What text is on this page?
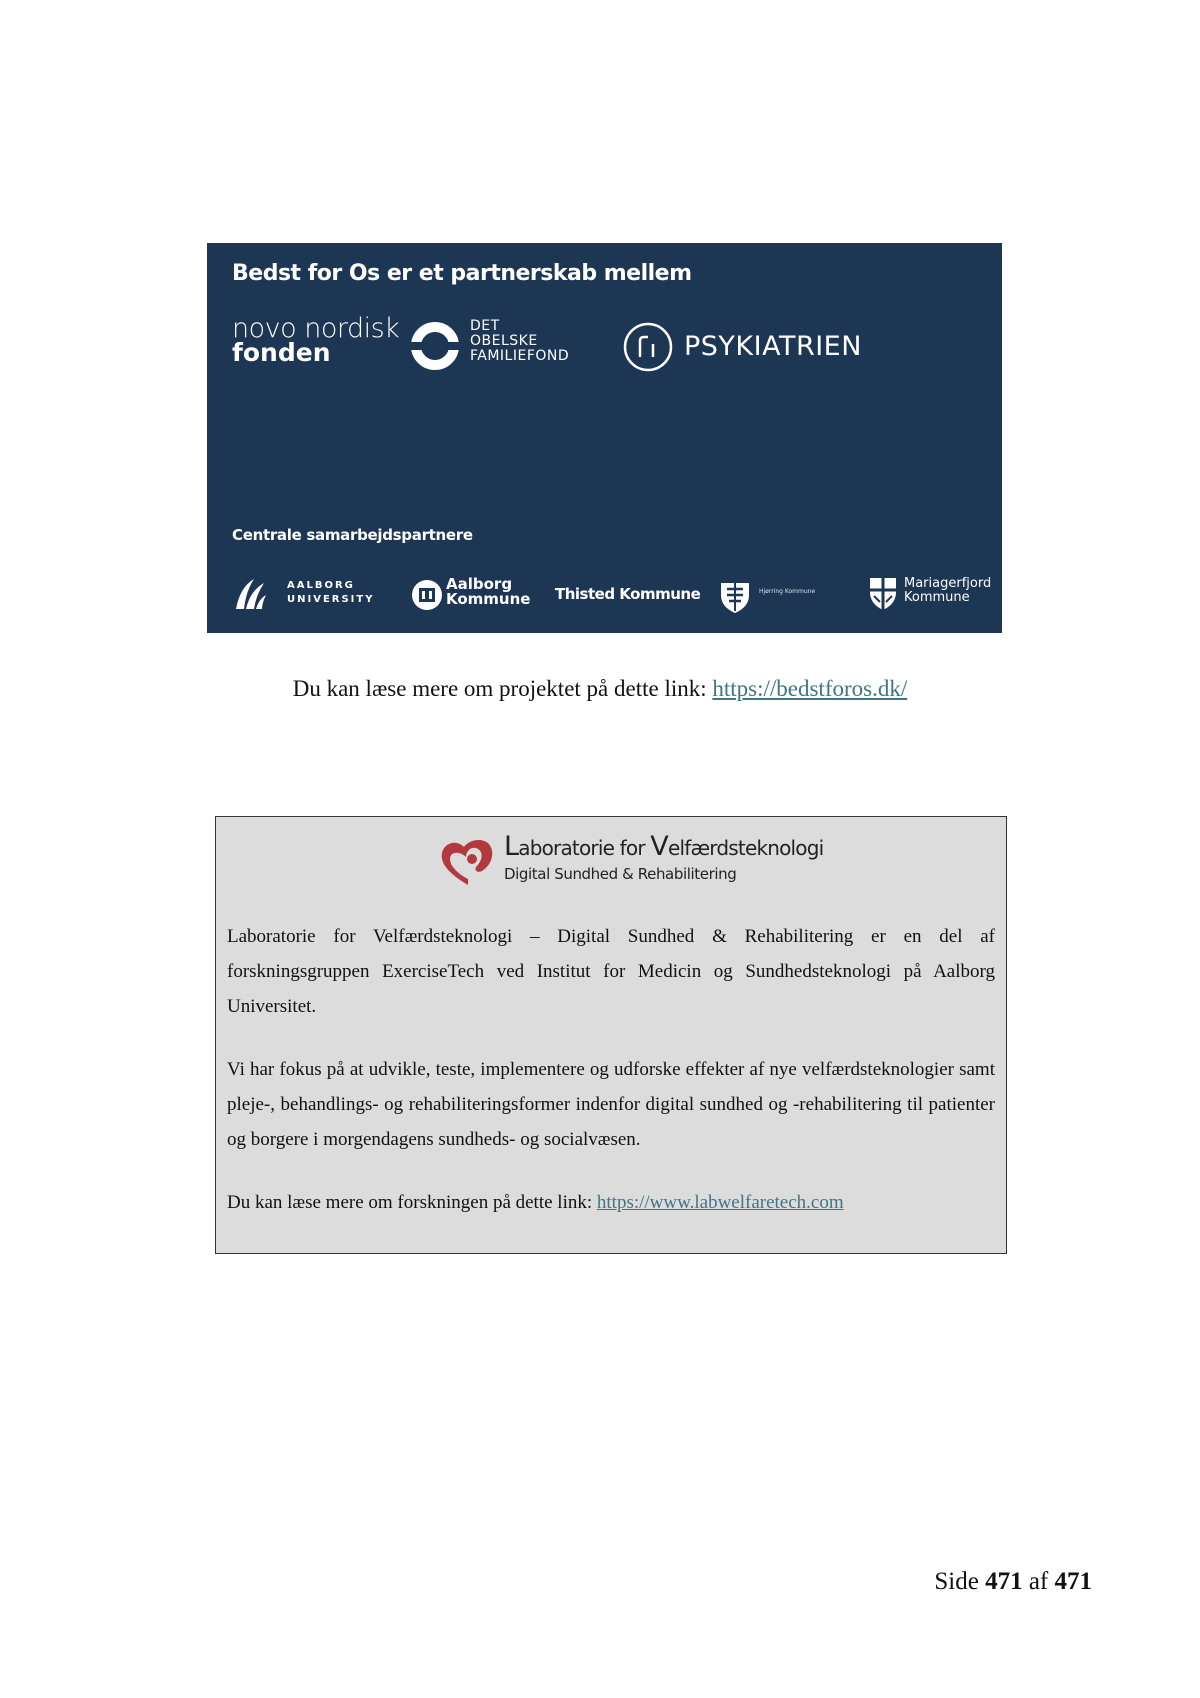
Bedst for Os er et partnerskab mellem
novo nordisk
fonden
DET
OBELSKE
FAMILIEFOND	PSYKIATRIEN
Centrale samarbejdspartnere
AALBORG
UNIVERSITY
Aalborg
Kommune Thisted Kommune	Hjørring Kommune
Mariagerfjord
Kommune
Du kan læse mere om projektet på dette link: https://bedstforos.dk/
Laboratorie for Velfærdsteknologi
Digital Sundhed & Rehabilitering
Laboratorie for Velfærdsteknologi – Digital Sundhed & Rehabilitering er en del af forskningsgruppen ExerciseTech ved Institut for Medicin og Sundhedsteknologi på Aalborg Universitet.
Vi har fokus på at udvikle, teste, implementere og udforske effekter af nye velfærdsteknologier samt pleje-, behandlings- og rehabiliteringsformer indenfor digital sundhed og -rehabilitering til patienter og borgere i morgendagens sundheds- og socialvæsen.
Du kan læse mere om forskningen på dette link: https://www.labwelfaretech.com
Side 471 af 471
